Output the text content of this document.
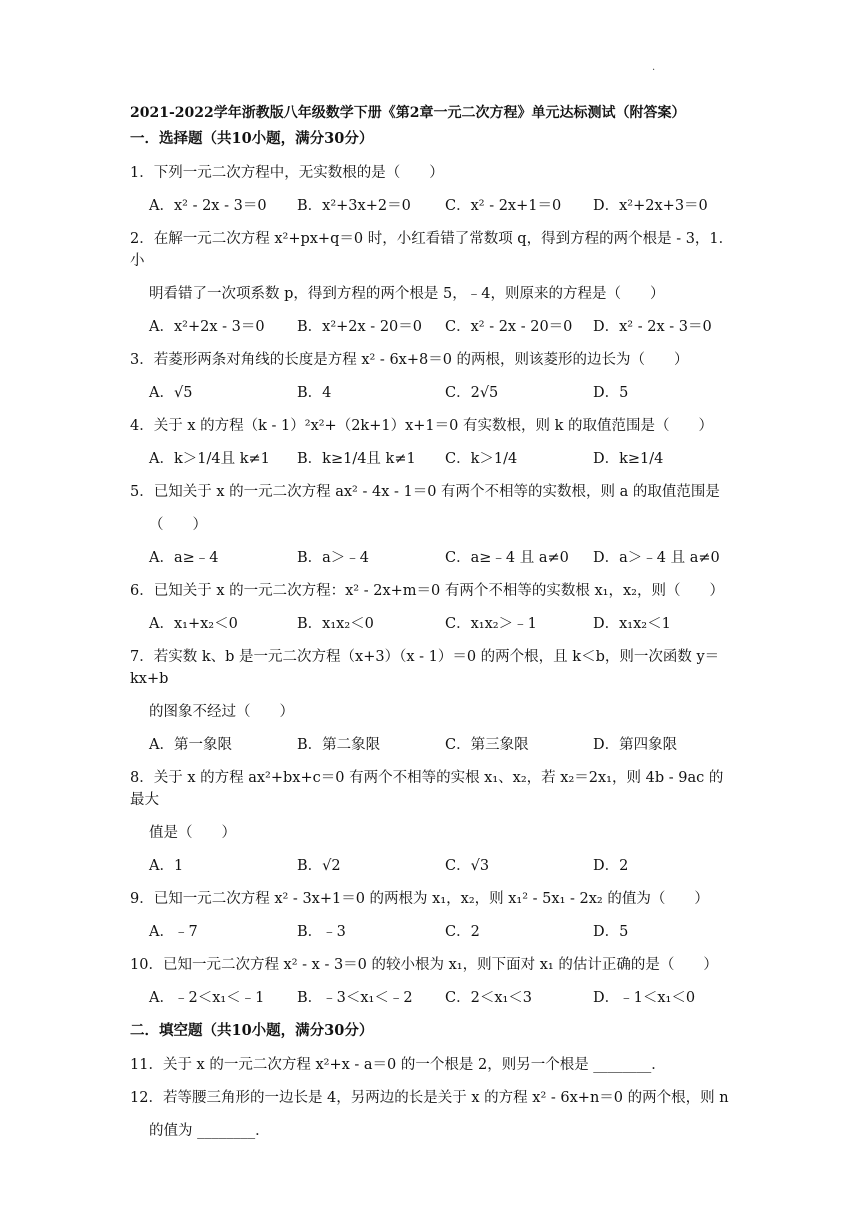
.
2021-2022学年浙教版八年级数学下册《第2章一元二次方程》单元达标测试（附答案）
一．选择题（共10小题，满分30分）
1．下列一元二次方程中，无实数根的是（　　）
A．x² - 2x - 3＝0	B．x²+3x+2＝0	C．x² - 2x+1＝0	D．x²+2x+3＝0
2．在解一元二次方程 x²+px+q＝0 时，小红看错了常数项 q，得到方程的两个根是 - 3，1．小
明看错了一次项系数 p，得到方程的两个根是 5，﹣4，则原来的方程是（　　）
A．x²+2x - 3＝0	B．x²+2x - 20＝0	C．x² - 2x - 20＝0	D．x² - 2x - 3＝0
3．若菱形两条对角线的长度是方程 x² - 6x+8＝0 的两根，则该菱形的边长为（　　）
A．√5	B．4	C．2√5	D．5
4．关于 x 的方程（k - 1）²x²+（2k+1）x+1＝0 有实数根，则 k 的取值范围是（　　）
A．k＞1/4且 k≠1	B．k≥1/4且 k≠1	C．k＞1/4	D．k≥1/4
5．已知关于 x 的一元二次方程 ax² - 4x - 1＝0 有两个不相等的实数根，则 a 的取值范围是
（　　）
A．a≥﹣4	B．a＞﹣4	C．a≥﹣4 且 a≠0	D．a＞﹣4 且 a≠0
6．已知关于 x 的一元二次方程：x² - 2x+m＝0 有两个不相等的实数根 x₁，x₂，则（　　）
A．x₁+x₂＜0	B．x₁x₂＜0	C．x₁x₂＞﹣1	D．x₁x₂＜1
7．若实数 k、b 是一元二次方程（x+3）（x - 1）＝0 的两个根，且 k＜b，则一次函数 y＝kx+b
的图象不经过（　　）
A．第一象限	B．第二象限	C．第三象限	D．第四象限
8．关于 x 的方程 ax²+bx+c＝0 有两个不相等的实根 x₁、x₂，若 x₂＝2x₁，则 4b - 9ac 的最大
值是（　　）
A．1	B．√2	C．√3	D．2
9．已知一元二次方程 x² - 3x+1＝0 的两根为 x₁，x₂，则 x₁² - 5x₁ - 2x₂ 的值为（　　）
A．﹣7	B．﹣3	C．2	D．5
10．已知一元二次方程 x² - x - 3＝0 的较小根为 x₁，则下面对 x₁ 的估计正确的是（　　）
A．﹣2＜x₁＜﹣1	B．﹣3＜x₁＜﹣2	C．2＜x₁＜3	D．﹣1＜x₁＜0
二．填空题（共10小题，满分30分）
11．关于 x 的一元二次方程 x²+x - a＝0 的一个根是 2，则另一个根是 ________．
12．若等腰三角形的一边长是 4，另两边的长是关于 x 的方程 x² - 6x+n＝0 的两个根，则 n
的值为 ________．
